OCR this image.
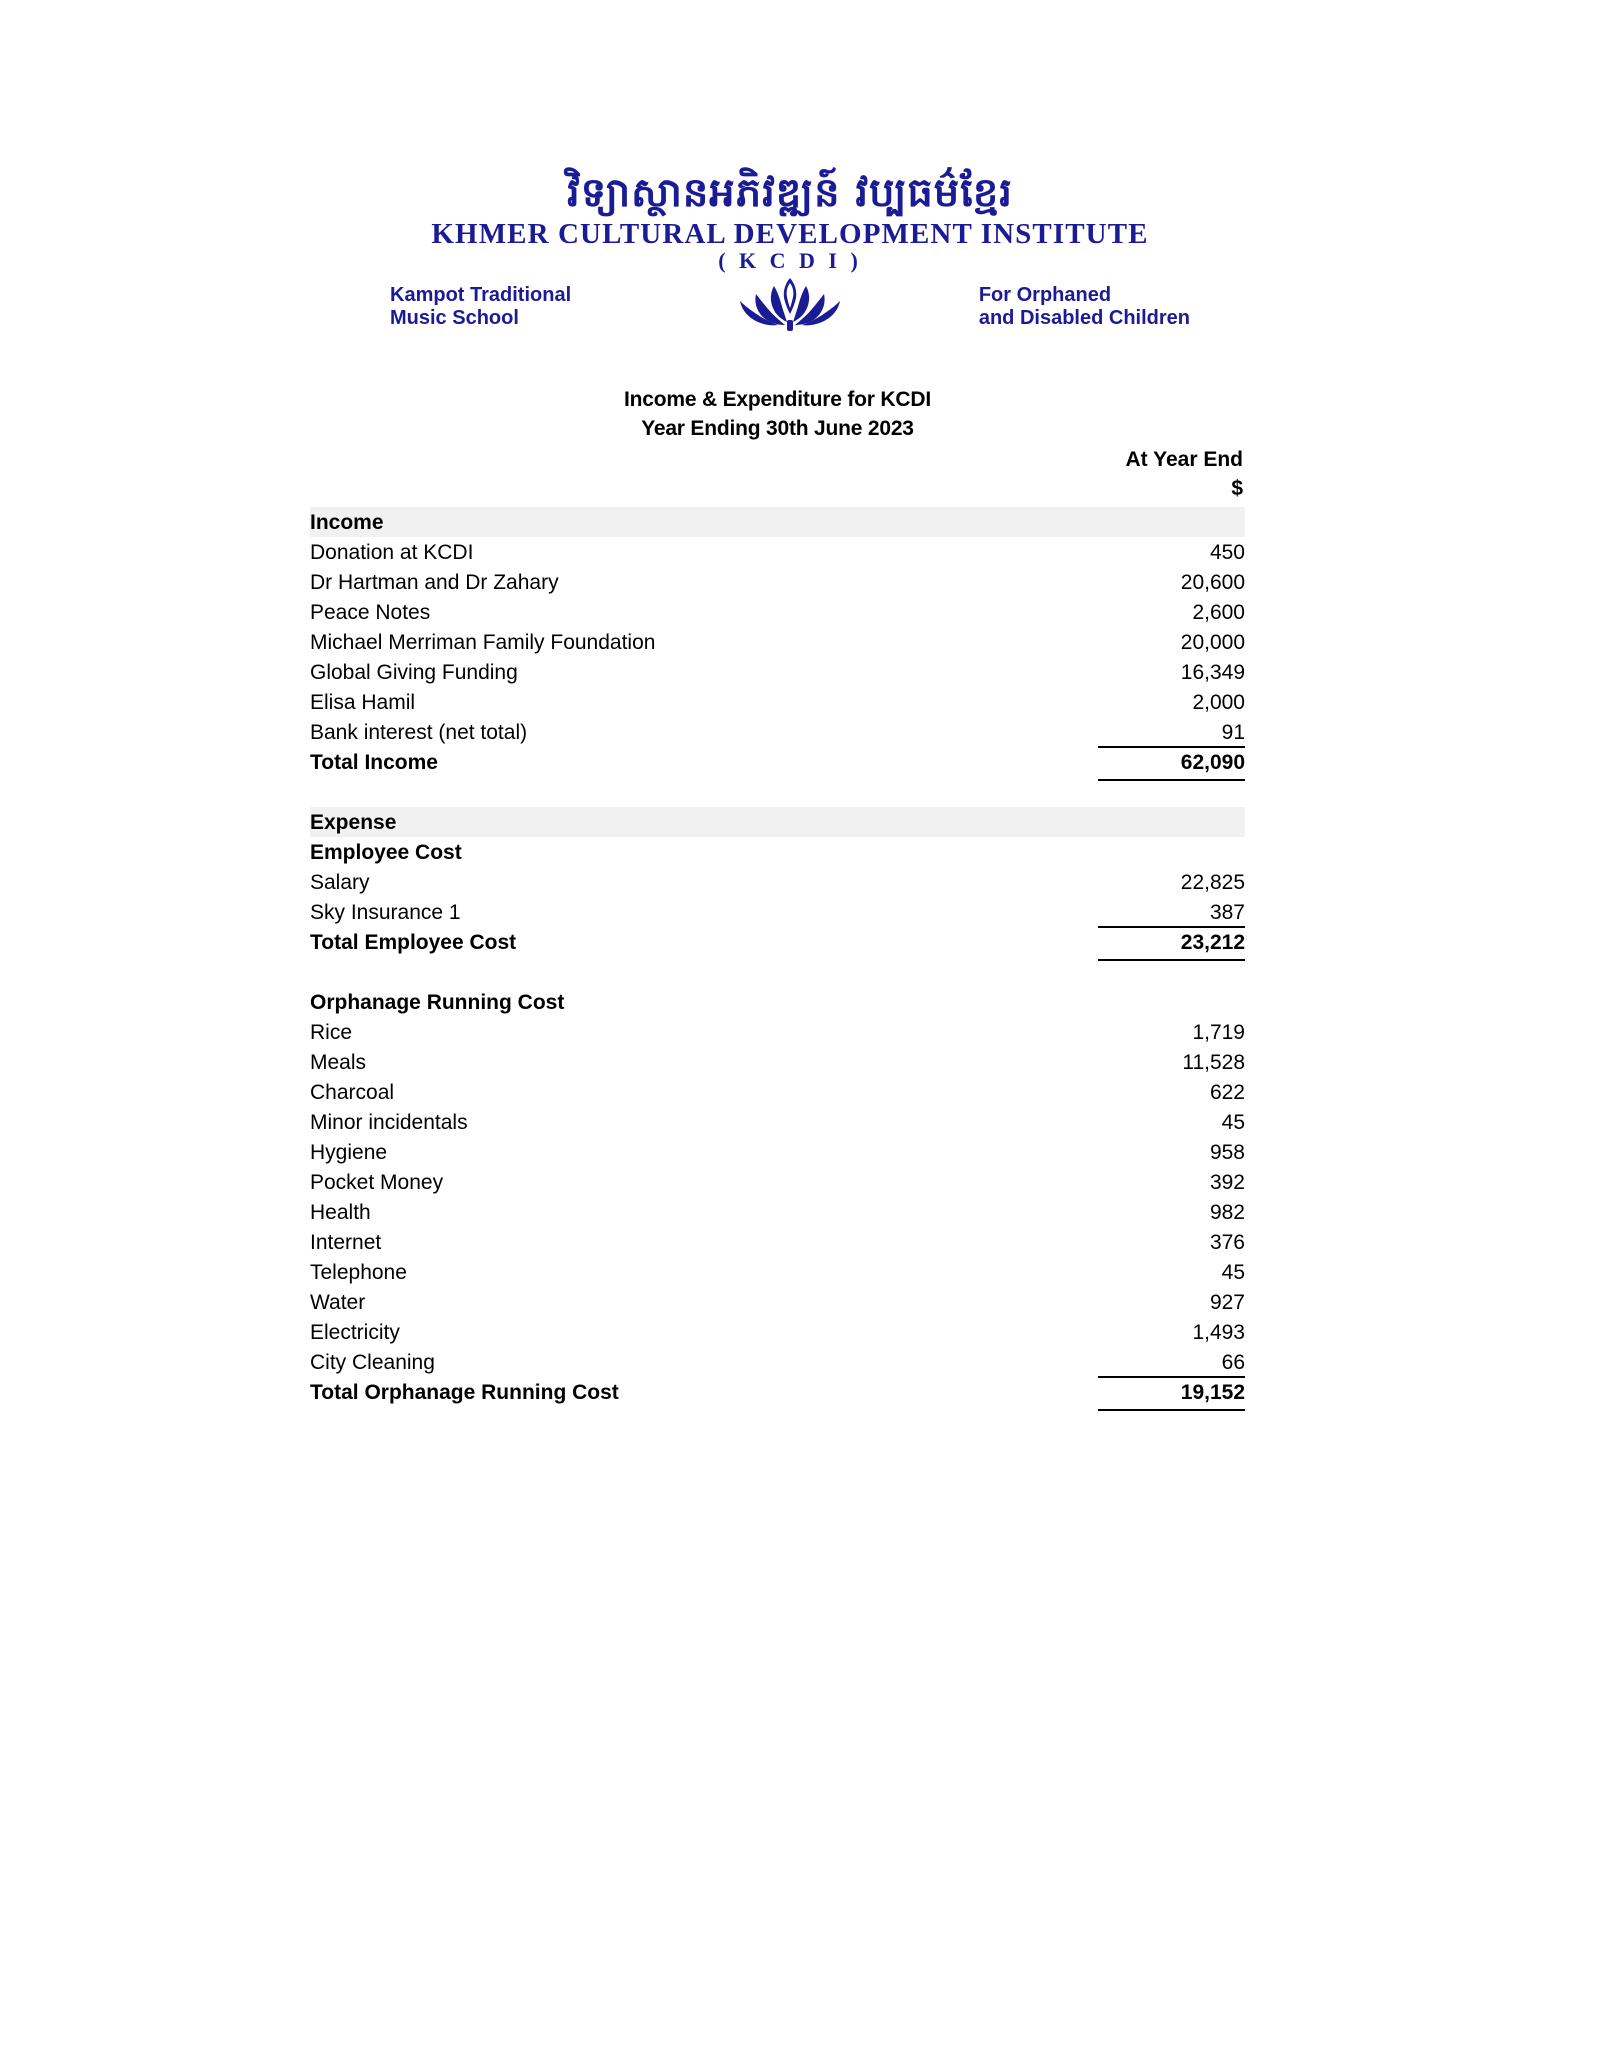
វិទ្យាស្ថានអភិវឌ្ឍន៍ វប្បធម៌ខ្មែរ
KHMER CULTURAL DEVELOPMENT INSTITUTE
( K C D I )
Kampot Traditional
Music School
For Orphaned
and Disabled Children
Income & Expenditure for KCDI
Year Ending 30th June 2023
At Year End
$
Income
Donation at KCDI	450
Dr Hartman and Dr Zahary	20,600
Peace Notes	2,600
Michael Merriman Family Foundation	20,000
Global Giving Funding	16,349
Elisa Hamil	2,000
Bank interest (net total)	91
Total Income	62,090
Expense
Employee Cost
Salary	22,825
Sky Insurance 1	387
Total Employee Cost	23,212
Orphanage Running Cost
Rice	1,719
Meals	11,528
Charcoal	622
Minor incidentals	45
Hygiene	958
Pocket Money	392
Health	982
Internet	376
Telephone	45
Water	927
Electricity	1,493
City Cleaning	66
Total Orphanage Running Cost	19,152
